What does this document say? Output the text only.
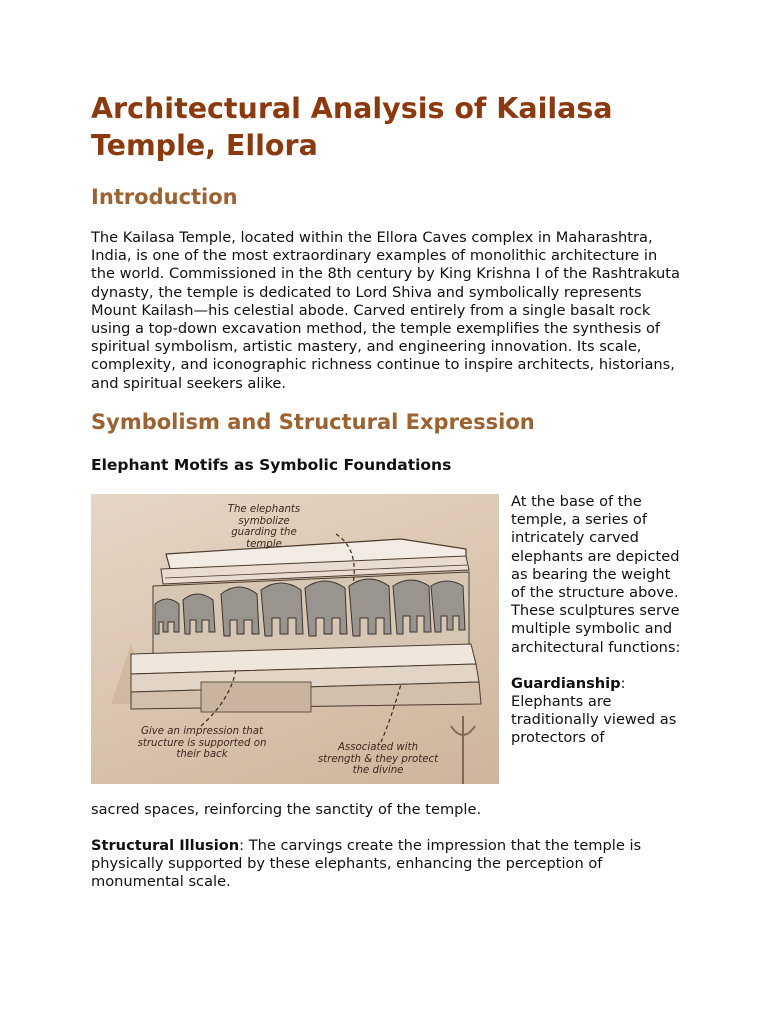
Architectural Analysis of Kailasa Temple, Ellora
Introduction

The Kailasa Temple, located within the Ellora Caves complex in Maharashtra, India, is one of the most extraordinary examples of monolithic architecture in the world. Commissioned in the 8th century by King Krishna I of the Rashtrakuta dynasty, the temple is dedicated to Lord Shiva and symbolically represents Mount Kailash—his celestial abode. Carved entirely from a single basalt rock using a top-down excavation method, the temple exemplifies the synthesis of spiritual symbolism, artistic mastery, and engineering innovation. Its scale, complexity, and iconographic richness continue to inspire architects, historians, and spiritual seekers alike.

Symbolism and Structural Expression
Elephant Motifs as Symbolic Foundations
The elephants symbolize guarding the temple
Give an impression that structure is supported on their back
Associated with strength & they protect the divine

At the base of the temple, a series of intricately carved elephants are depicted as bearing the weight of the structure above. These sculptures serve multiple symbolic and architectural functions:

Guardianship: Elephants are traditionally viewed as protectors of

sacred spaces, reinforcing the sanctity of the temple.

Structural Illusion: The carvings create the impression that the temple is physically supported by these elephants, enhancing the perception of monumental scale.
